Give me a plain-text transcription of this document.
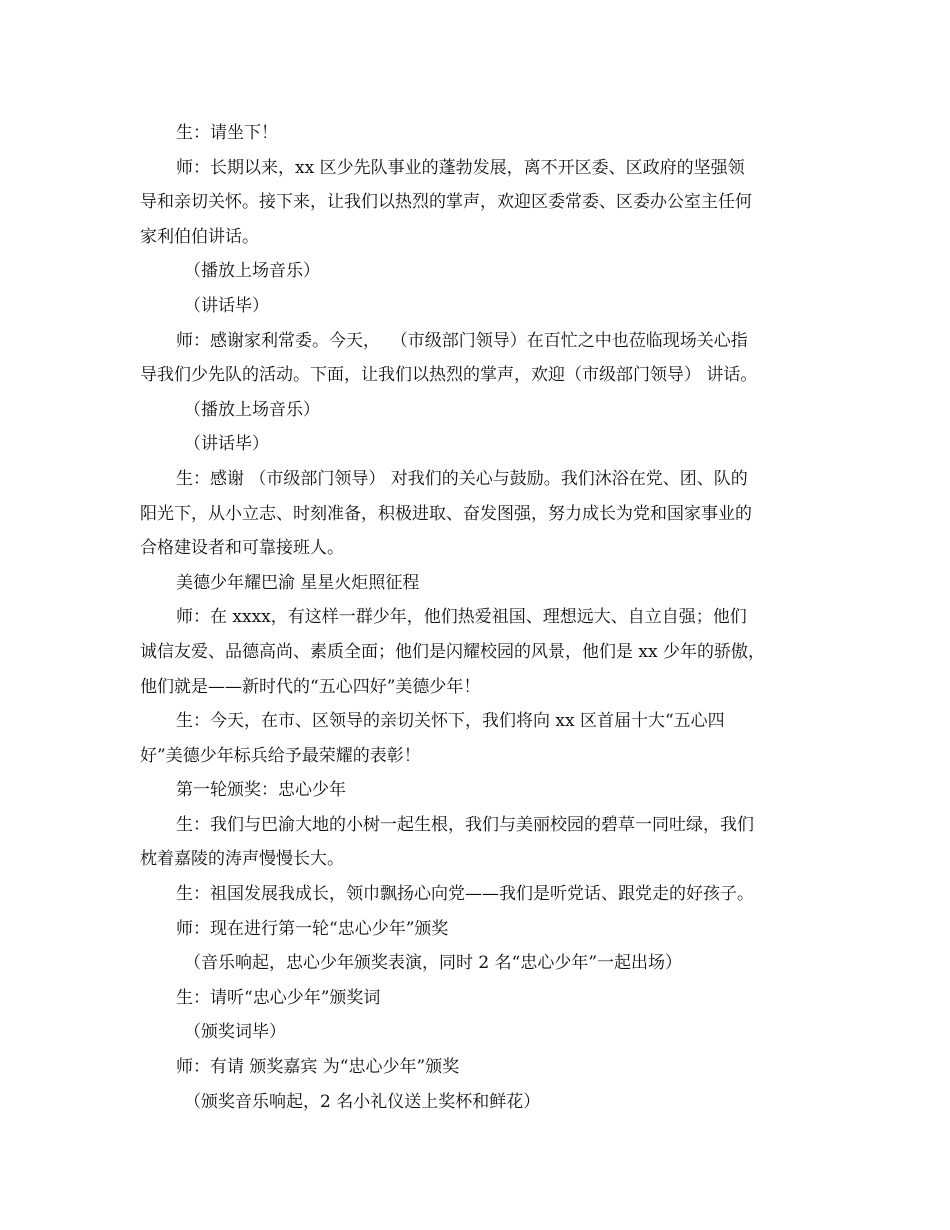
生：请坐下！

师：长期以来，xx 区少先队事业的蓬勃发展，离不开区委、区政府的坚强领

导和亲切关怀。接下来，让我们以热烈的掌声，欢迎区委常委、区委办公室主任何

家利伯伯讲话。

（播放上场音乐）

（讲话毕）

师：感谢家利常委。今天，  （市级部门领导）在百忙之中也莅临现场关心指

导我们少先队的活动。下面，让我们以热烈的掌声，欢迎（市级部门领导） 讲话。

（播放上场音乐）

（讲话毕）

生：感谢 （市级部门领导） 对我们的关心与鼓励。我们沐浴在党、团、队的

阳光下，从小立志、时刻准备，积极进取、奋发图强，努力成长为党和国家事业的

合格建设者和可靠接班人。

美德少年耀巴渝 星星火炬照征程

师：在 xxxx，有这样一群少年，他们热爱祖国、理想远大、自立自强；他们

诚信友爱、品德高尚、素质全面；他们是闪耀校园的风景，他们是 xx 少年的骄傲，

他们就是——新时代的“五心四好”美德少年！

生：今天，在市、区领导的亲切关怀下，我们将向 xx 区首届十大“五心四

好”美德少年标兵给予最荣耀的表彰！

第一轮颁奖：忠心少年

生：我们与巴渝大地的小树一起生根，我们与美丽校园的碧草一同吐绿，我们

枕着嘉陵的涛声慢慢长大。

生：祖国发展我成长，领巾飘扬心向党——我们是听党话、跟党走的好孩子。

师：现在进行第一轮“忠心少年”颁奖

（音乐响起，忠心少年颁奖表演，同时 2 名“忠心少年”一起出场）

生：请听“忠心少年”颁奖词

（颁奖词毕）

师：有请 颁奖嘉宾 为“忠心少年”颁奖

（颁奖音乐响起，2 名小礼仪送上奖杯和鲜花）
